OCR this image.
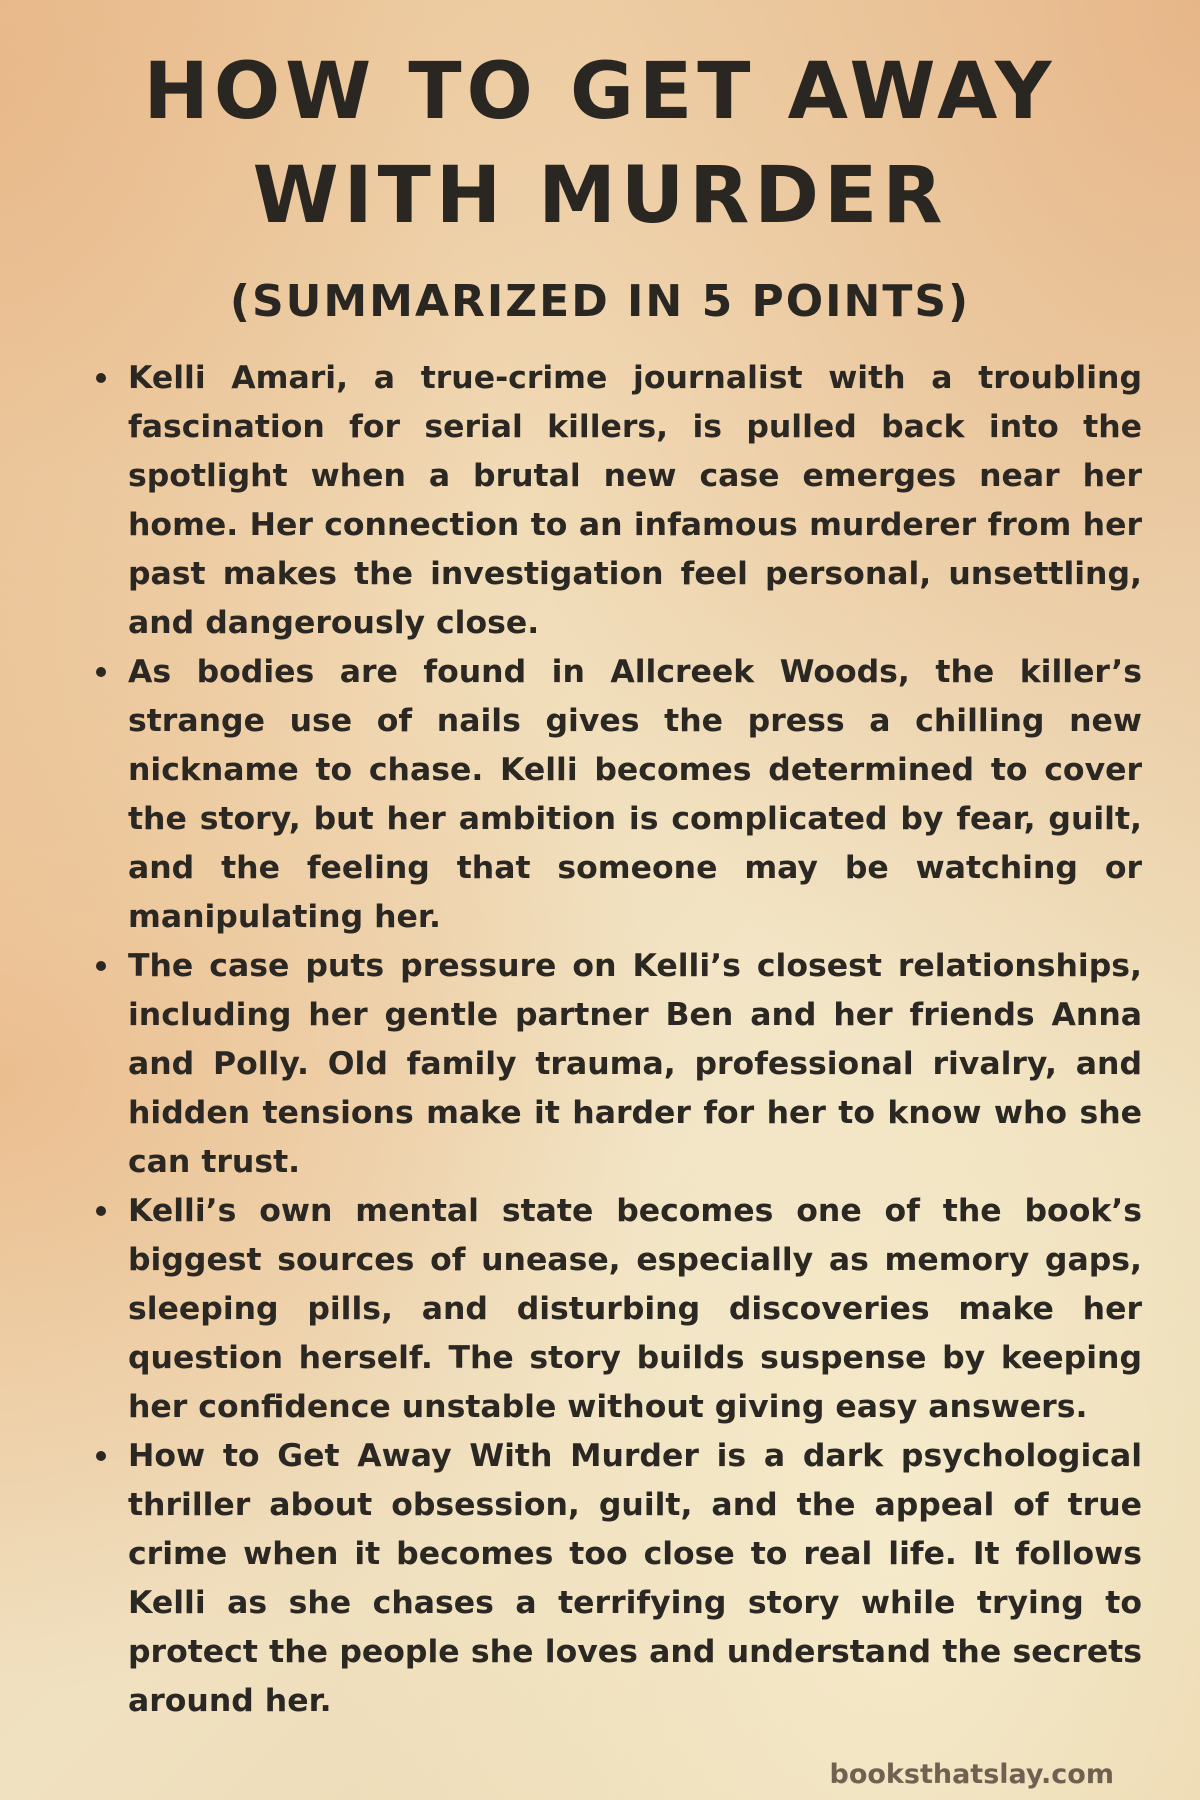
HOW TO GET AWAY
WITH MURDER
(SUMMARIZED IN 5 POINTS)
Kelli Amari, a true-crime journalist with a troubling fascination for serial killers, is pulled back into the spotlight when a brutal new case emerges near her home. Her connection to an infamous murderer from her past makes the investigation feel personal, unsettling, and dangerously close.
As bodies are found in Allcreek Woods, the killer’s strange use of nails gives the press a chilling new nickname to chase. Kelli becomes determined to cover the story, but her ambition is complicated by fear, guilt, and the feeling that someone may be watching or manipulating her.
The case puts pressure on Kelli’s closest relationships, including her gentle partner Ben and her friends Anna and Polly. Old family trauma, professional rivalry, and hidden tensions make it harder for her to know who she can trust.
Kelli’s own mental state becomes one of the book’s biggest sources of unease, especially as memory gaps, sleeping pills, and disturbing discoveries make her question herself. The story builds suspense by keeping her confidence unstable without giving easy answers.
How to Get Away With Murder is a dark psychological thriller about obsession, guilt, and the appeal of true crime when it becomes too close to real life. It follows Kelli as she chases a terrifying story while trying to protect the people she loves and understand the secrets around her.
booksthatslay.com
